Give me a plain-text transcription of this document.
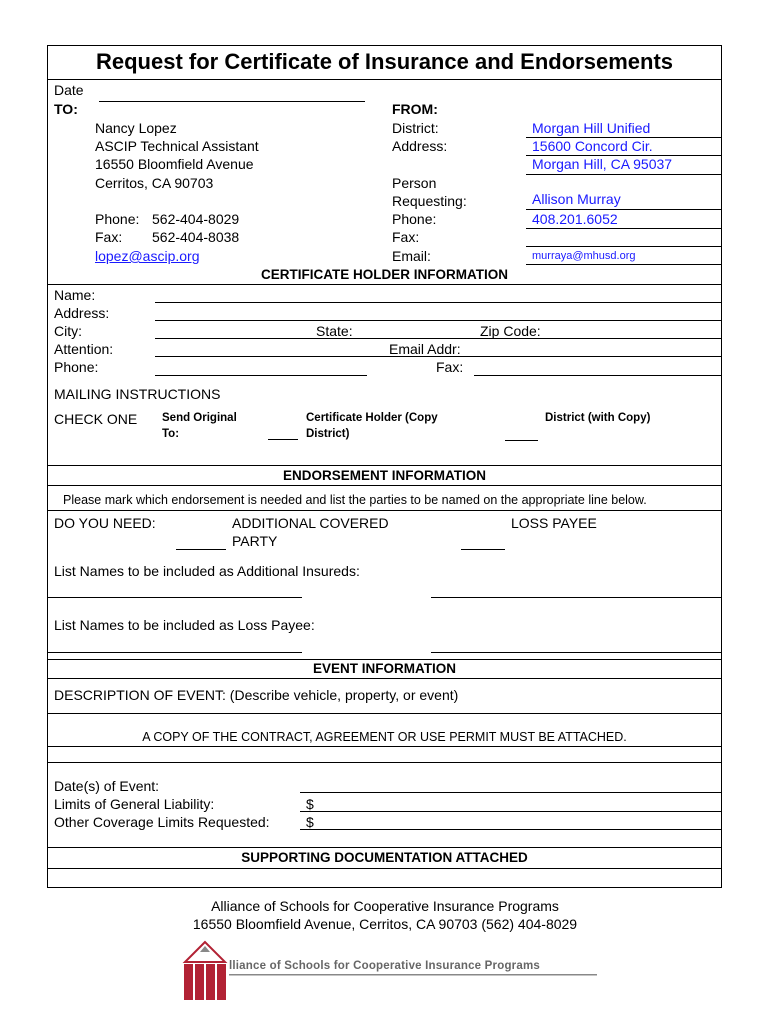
Request for Certificate of Insurance and Endorsements
Date
TO:	FROM:
Nancy Lopez
ASCIP Technical Assistant
16550 Bloomfield Avenue
Cerritos, CA 90703
Phone: 562-404-8029
Fax: 562-404-8038
lopez@ascip.org
District:	Morgan Hill Unified
Address:	15600 Concord Cir.
Morgan Hill, CA 95037
Person
Requesting:	Allison Murray
Phone:	408.201.6052
Fax:
Email:	murraya@mhusd.org
CERTIFICATE HOLDER INFORMATION
Name:
Address:
City:	State:	Zip Code:
Attention:	Email Addr:
Phone:	Fax:
MAILING INSTRUCTIONS
CHECK ONE Send Original
To:
Certificate Holder (Copy
District)
District (with Copy)
ENDORSEMENT INFORMATION
Please mark which endorsement is needed and list the parties to be named on the appropriate line below.
DO YOU NEED:	ADDITIONAL COVERED
PARTY
LOSS PAYEE
List Names to be included as Additional Insureds:
List Names to be included as Loss Payee:
EVENT INFORMATION
DESCRIPTION OF EVENT: (Describe vehicle, property, or event)
A COPY OF THE CONTRACT, AGREEMENT OR USE PERMIT MUST BE ATTACHED.
Date(s) of Event:
Limits of General Liability:	$
Other Coverage Limits Requested:	$
SUPPORTING DOCUMENTATION ATTACHED
Alliance of Schools for Cooperative Insurance Programs
16550 Bloomfield Avenue, Cerritos, CA 90703 (562) 404-8029
lliance of Schools for Cooperative Insurance Programs
